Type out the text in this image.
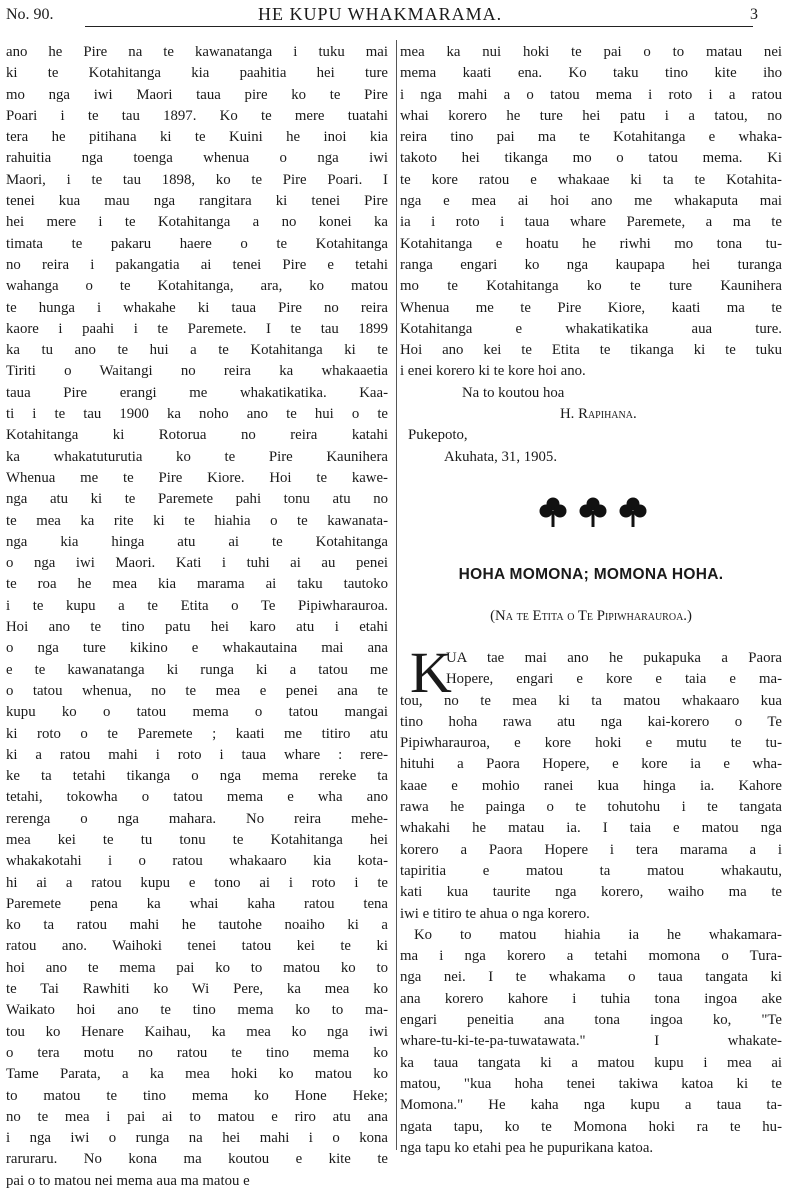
No. 90.	HE KUPU WHAKMARAMA.	3
ano he Pire na te kawanatanga i tuku mai
ki te Kotahitanga kia paahitia hei ture
mo nga iwi Maori taua pire ko te Pire
Poari i te tau 1897. Ko te mere tuatahi
tera he pitihana ki te Kuini he inoi kia
rahuitia nga toenga whenua o nga iwi
Maori, i te tau 1898, ko te Pire Poari. I
tenei kua mau nga rangitara ki tenei Pire
hei mere i te Kotahitanga a no konei ka
timata te pakaru haere o te Kotahitanga
no reira i pakangatia ai tenei Pire e tetahi
wahanga o te Kotahitanga, ara, ko matou
te hunga i whakahe ki taua Pire no reira
kaore i paahi i te Paremete. I te tau 1899
ka tu ano te hui a te Kotahitanga ki te
Tiriti o Waitangi no reira ka whakaaetia
taua Pire erangi me whakatikatika. Kaa-
ti i te tau 1900 ka noho ano te hui o te
Kotahitanga ki Rotorua no reira katahi
ka whakatuturutia ko te Pire Kaunihera
Whenua me te Pire Kiore. Hoi te kawe-
nga atu ki te Paremete pahi tonu atu no
te mea ka rite ki te hiahia o te kawanata-
nga kia hinga atu ai te Kotahitanga
o nga iwi Maori. Kati i tuhi ai au penei
te roa he mea kia marama ai taku tautoko
i te kupu a te Etita o Te Pipiwharauroa.
Hoi ano te tino patu hei karo atu i etahi
o nga ture kikino e whakautaina mai ana
e te kawanatanga ki runga ki a tatou me
o tatou whenua, no te mea e penei ana te
kupu ko o tatou mema o tatou mangai
ki roto o te Paremete ; kaati me titiro atu
ki a ratou mahi i roto i taua whare : rere-
ke ta tetahi tikanga o nga mema rereke ta
tetahi, tokowha o tatou mema e wha ano
rerenga o nga mahara. No reira mehe-
mea kei te tu tonu te Kotahitanga hei
whakakotahi i o ratou whakaaro kia kota-
hi ai a ratou kupu e tono ai i roto i te
Paremete pena ka whai kaha ratou tena
ko ta ratou mahi he tautohe noaiho ki a
ratou ano. Waihoki tenei tatou kei te ki
hoi ano te mema pai ko to matou ko to
te Tai Rawhiti ko Wi Pere, ka mea ko
Waikato hoi ano te tino mema ko to ma-
tou ko Henare Kaihau, ka mea ko nga iwi
o tera motu no ratou te tino mema ko
Tame Parata, a ka mea hoki ko matou ko
to matou te tino mema ko Hone Heke;
no te mea i pai ai to matou e riro atu ana
i nga iwi o runga na hei mahi i o kona
raruraru. No kona ma koutou e kite te
pai o to matou nei mema aua ma matou e
mea ka nui hoki te pai o to matau nei
mema kaati ena. Ko taku tino kite iho
i nga mahi a o tatou mema i roto i a ratou
whai korero he ture hei patu i a tatou, no
reira tino pai ma te Kotahitanga e whaka-
takoto hei tikanga mo o tatou mema. Ki
te kore ratou e whakaae ki ta te Kotahita-
nga e mea ai hoi ano me whakaputa mai
ia i roto i taua whare Paremete, a ma te
Kotahitanga e hoatu he riwhi mo tona tu-
ranga engari ko nga kaupapa hei turanga
mo te Kotahitanga ko te ture Kaunihera
Whenua me te Pire Kiore, kaati ma te
Kotahitanga e whakatikatika aua ture.
Hoi ano kei te Etita te tikanga ki te tuku
i enei korero ki te kore hoi ano.
Na to koutou hoa
H. Rapihana.
Pukepoto,
Akuhata, 31, 1905.
HOHA MOMONA; MOMONA HOHA.
(Na te Etita o Te Pipiwharauroa.)
K
UA tae mai ano he pukapuka a Paora
Hopere, engari e kore e taia e ma-
tou, no te mea ki ta matou whakaaro kua
tino hoha rawa atu nga kai-korero o Te
Pipiwharauroa, e kore hoki e mutu te tu-
hituhi a Paora Hopere, e kore ia e wha-
kaae e mohio ranei kua hinga ia. Kahore
rawa he painga o te tohutohu i te tangata
whakahi he matau ia. I taia e matou nga
korero a Paora Hopere i tera marama a i
tapiritia e matou ta matou whakautu,
kati kua taurite nga korero, waiho ma te
iwi e titiro te ahua o nga korero.
Ko to matou hiahia ia he whakamara-
ma i nga korero a tetahi momona o Tura-
nga nei. I te whakama o taua tangata ki
ana korero kahore i tuhia tona ingoa ake
engari peneitia ana tona ingoa ko, "Te
whare-tu-ki-te-pa-tuwatawata." I whakate-
ka taua tangata ki a matou kupu i mea ai
matou, "kua hoha tenei takiwa katoa ki te
Momona." He kaha nga kupu a taua ta-
ngata tapu, ko te Momona hoki ra te hu-
nga tapu ko etahi pea he pupurikana katoa.
